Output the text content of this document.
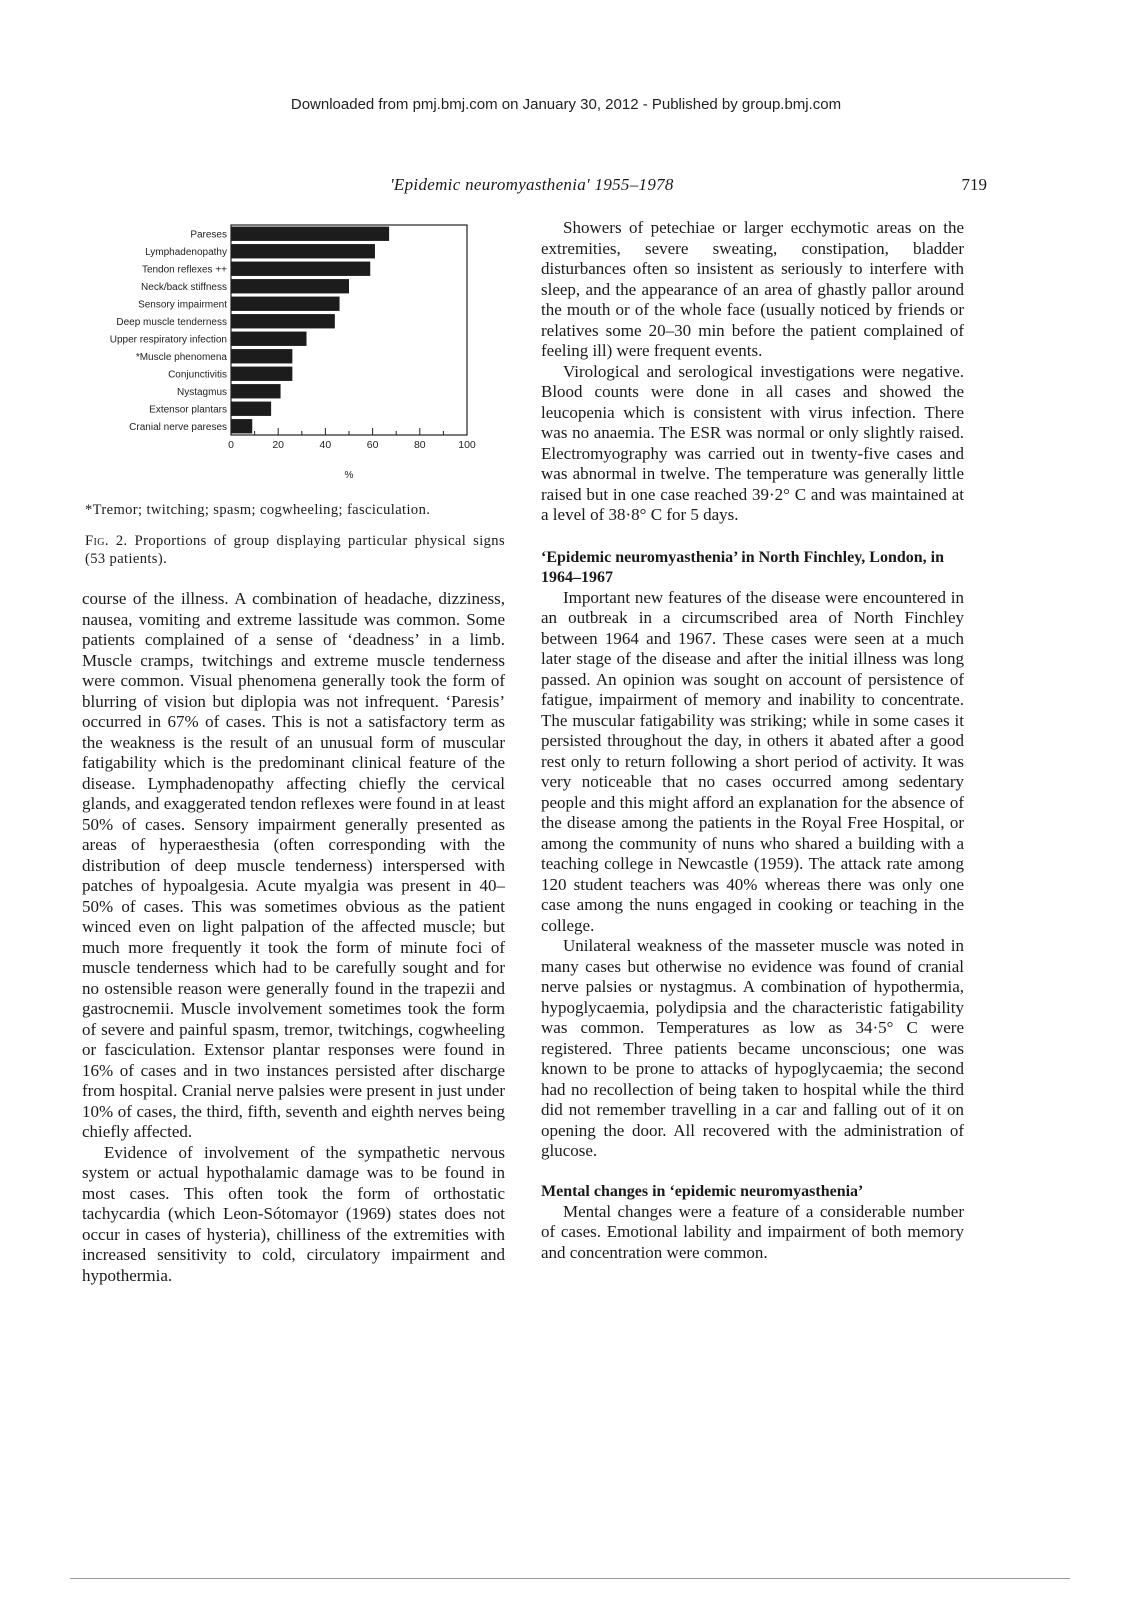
Downloaded from pmj.bmj.com on January 30, 2012 - Published by group.bmj.com
'Epidemic neuromyasthenia' 1955–1978	719
Pareses
Lymphadenopathy
Tendon reflexes ++
Neck/back stiffness
Sensory impairment
Deep muscle tenderness
Upper respiratory infection
*Muscle phenomena
Conjunctivitis
Nystagmus
Extensor plantars
Cranial nerve pareses
0	20	40	60	80	100
%
*Tremor; twitching; spasm; cogwheeling; fasciculation.
Fig. 2. Proportions of group displaying particular physical signs (53 patients).

course of the illness. A combination of headache, dizziness, nausea, vomiting and extreme lassitude was common. Some patients complained of a sense of ‘deadness’ in a limb. Muscle cramps, twitchings and extreme muscle tenderness were common. Visual phenomena generally took the form of blurring of vision but diplopia was not infrequent. ‘Paresis’ occurred in 67% of cases. This is not a satisfactory term as the weakness is the result of an unusual form of muscular fatigability which is the predominant clinical feature of the disease. Lymphadenopathy affecting chiefly the cervical glands, and exaggerated tendon reflexes were found in at least 50% of cases. Sensory impairment generally presented as areas of hyperaesthesia (often corresponding with the distribution of deep muscle tenderness) interspersed with patches of hypoalgesia. Acute myalgia was present in 40–50% of cases. This was sometimes obvious as the patient winced even on light palpation of the affected muscle; but much more frequently it took the form of minute foci of muscle tenderness which had to be carefully sought and for no ostensible reason were generally found in the trapezii and gastrocnemii. Muscle involvement sometimes took the form of severe and painful spasm, tremor, twitchings, cogwheeling or fasciculation. Extensor plantar responses were found in 16% of cases and in two instances persisted after discharge from hospital. Cranial nerve palsies were present in just under 10% of cases, the third, fifth, seventh and eighth nerves being chiefly affected.

Evidence of involvement of the sympathetic nervous system or actual hypothalamic damage was to be found in most cases. This often took the form of orthostatic tachycardia (which Leon-Sótomayor (1969) states does not occur in cases of hysteria), chilliness of the extremities with increased sensitivity to cold, circulatory impairment and hypothermia.

Showers of petechiae or larger ecchymotic areas on the extremities, severe sweating, constipation, bladder disturbances often so insistent as seriously to interfere with sleep, and the appearance of an area of ghastly pallor around the mouth or of the whole face (usually noticed by friends or relatives some 20–30 min before the patient complained of feeling ill) were frequent events.

Virological and serological investigations were negative. Blood counts were done in all cases and showed the leucopenia which is consistent with virus infection. There was no anaemia. The ESR was normal or only slightly raised. Electromyography was carried out in twenty-five cases and was abnormal in twelve. The temperature was generally little raised but in one case reached 39·2° C and was maintained at a level of 38·8° C for 5 days.

‘Epidemic neuromyasthenia’ in North Finchley, London, in 1964–1967

Important new features of the disease were encountered in an outbreak in a circumscribed area of North Finchley between 1964 and 1967. These cases were seen at a much later stage of the disease and after the initial illness was long passed. An opinion was sought on account of persistence of fatigue, impairment of memory and inability to concentrate. The muscular fatigability was striking; while in some cases it persisted throughout the day, in others it abated after a good rest only to return following a short period of activity. It was very noticeable that no cases occurred among sedentary people and this might afford an explanation for the absence of the disease among the patients in the Royal Free Hospital, or among the community of nuns who shared a building with a teaching college in Newcastle (1959). The attack rate among 120 student teachers was 40% whereas there was only one case among the nuns engaged in cooking or teaching in the college.

Unilateral weakness of the masseter muscle was noted in many cases but otherwise no evidence was found of cranial nerve palsies or nystagmus. A combination of hypothermia, hypoglycaemia, polydipsia and the characteristic fatigability was common. Temperatures as low as 34·5° C were registered. Three patients became unconscious; one was known to be prone to attacks of hypoglycaemia; the second had no recollection of being taken to hospital while the third did not remember travelling in a car and falling out of it on opening the door. All recovered with the administration of glucose.

Mental changes in ‘epidemic neuromyasthenia’

Mental changes were a feature of a considerable number of cases. Emotional lability and impairment of both memory and concentration were common.
